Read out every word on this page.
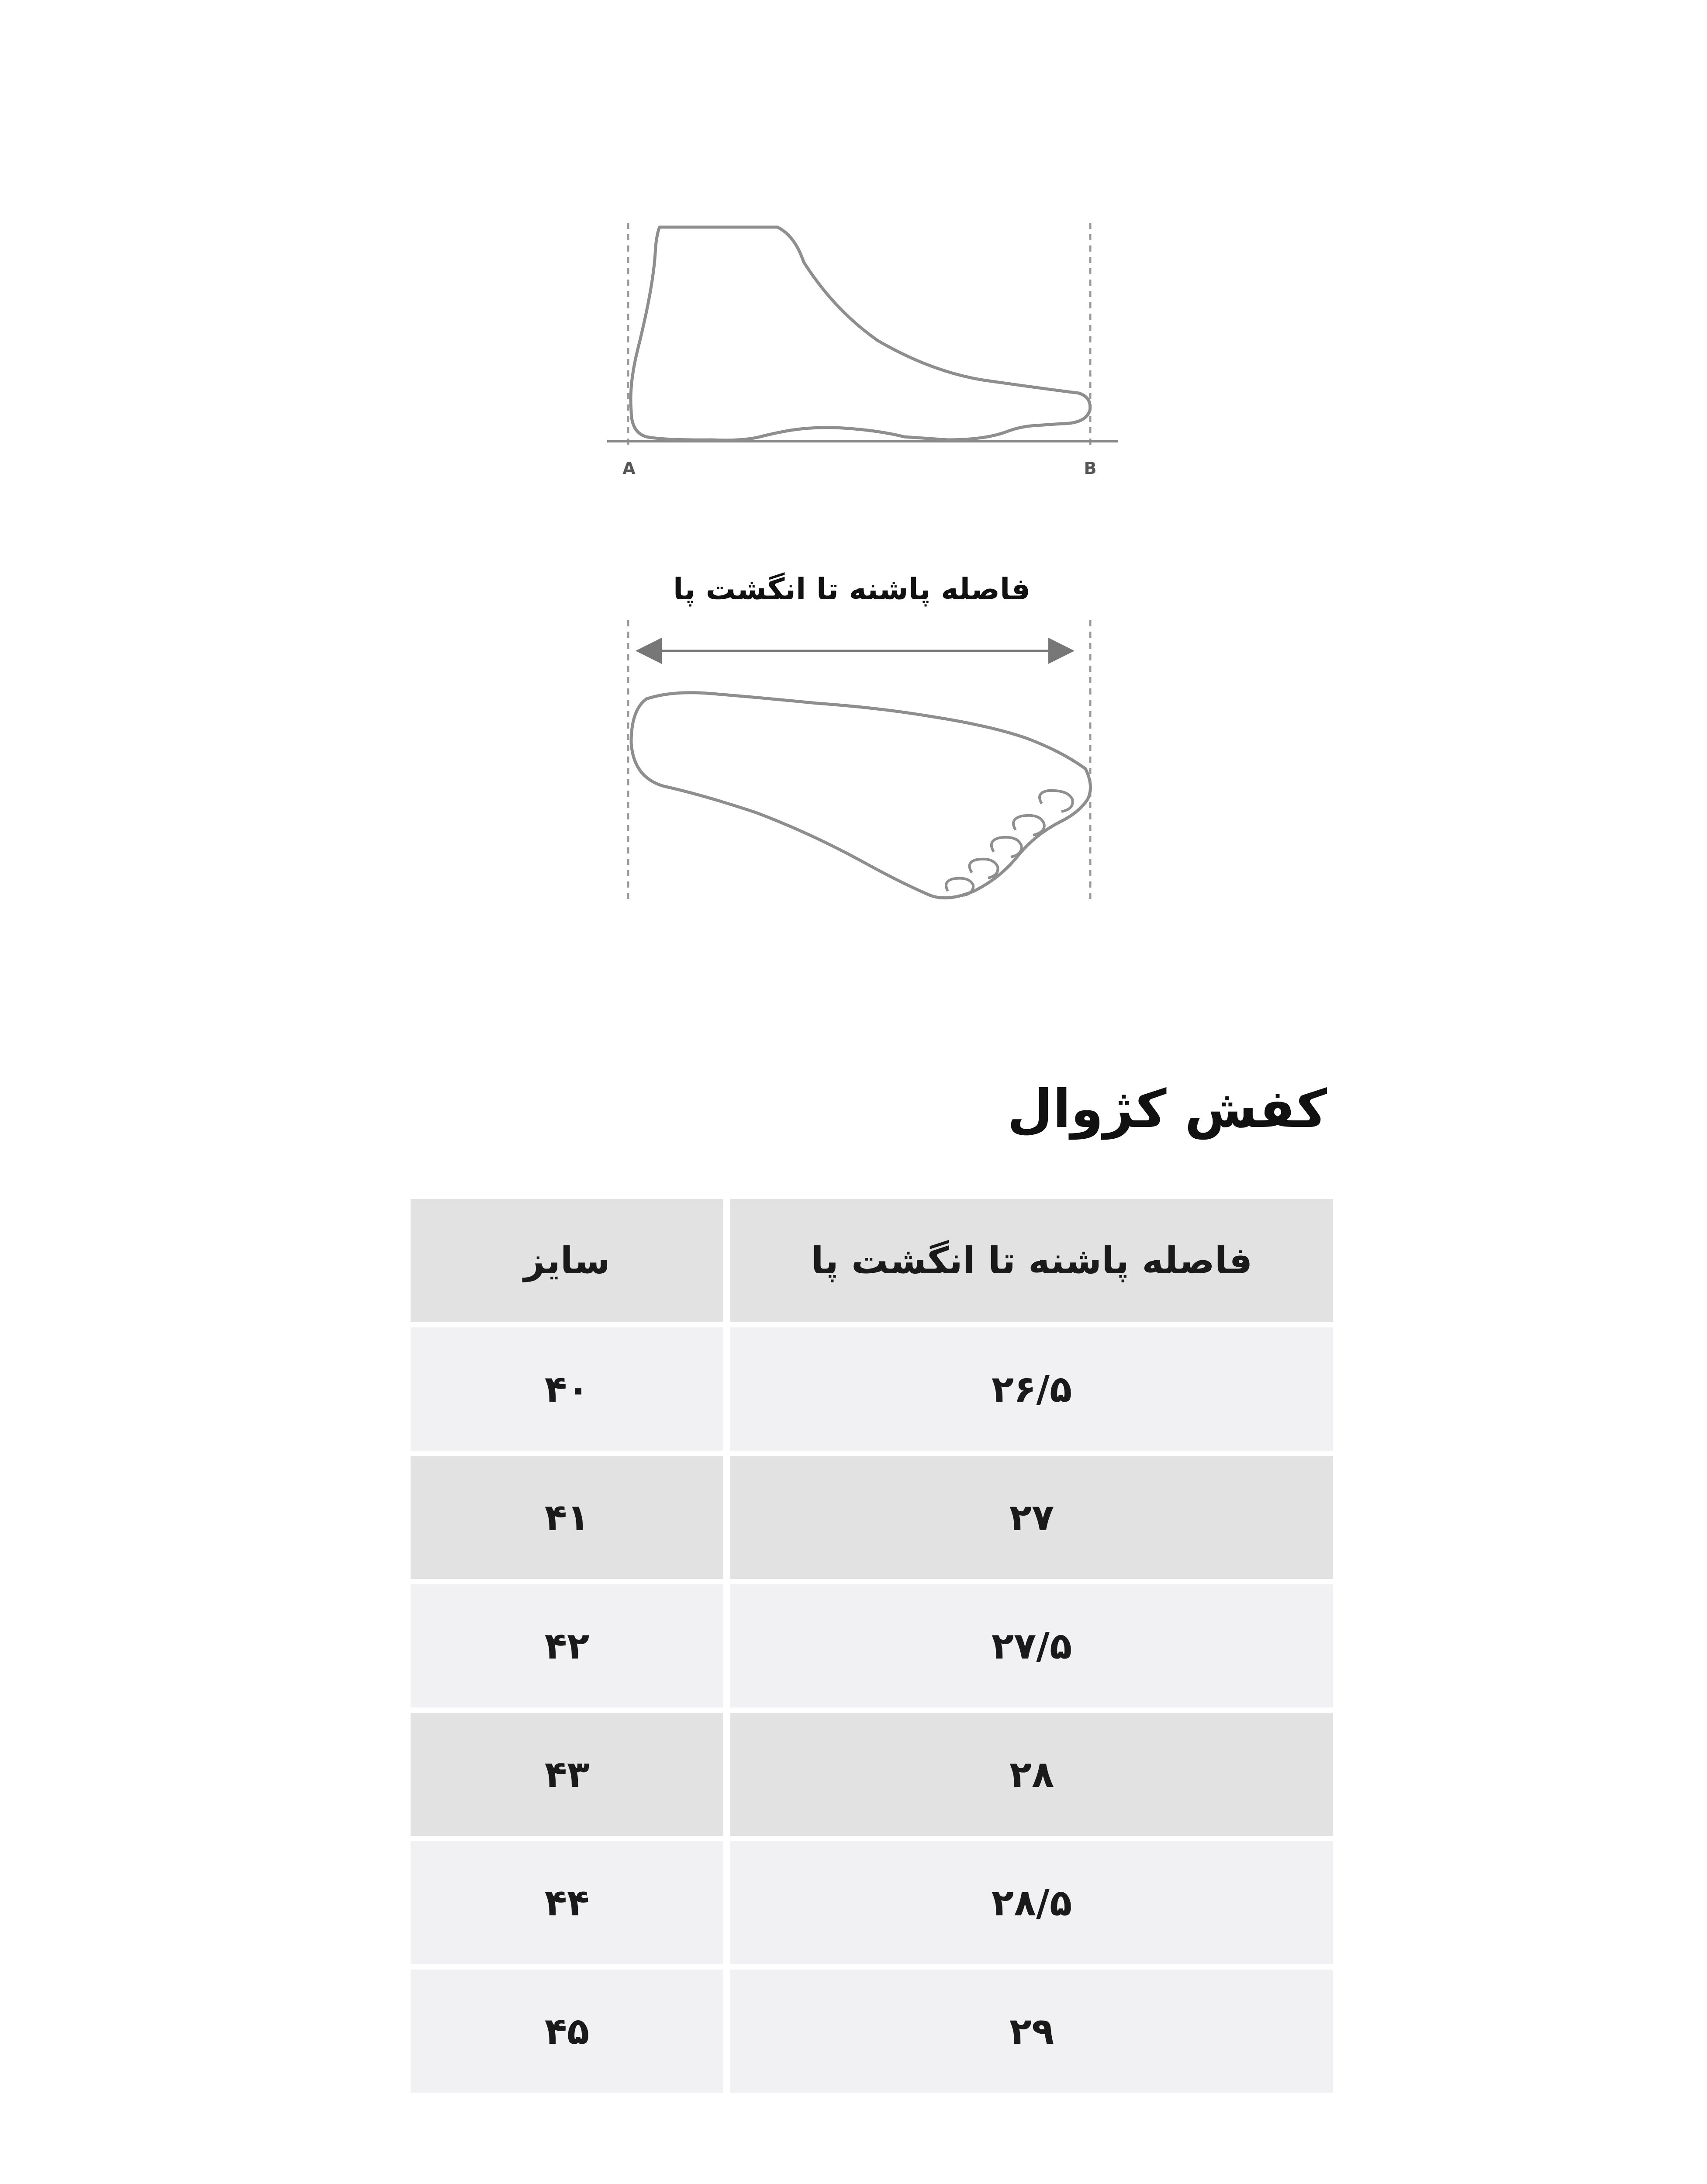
A	B
فاصله پاشنه تا انگشت پا
کفش کژوال
سایز	فاصله پاشنه تا انگشت پا
۴۰	۲۶/۵
۴۱	۲۷
۴۲	۲۷/۵
۴۳	۲۸
۴۴	۲۸/۵
۴۵	۲۹
